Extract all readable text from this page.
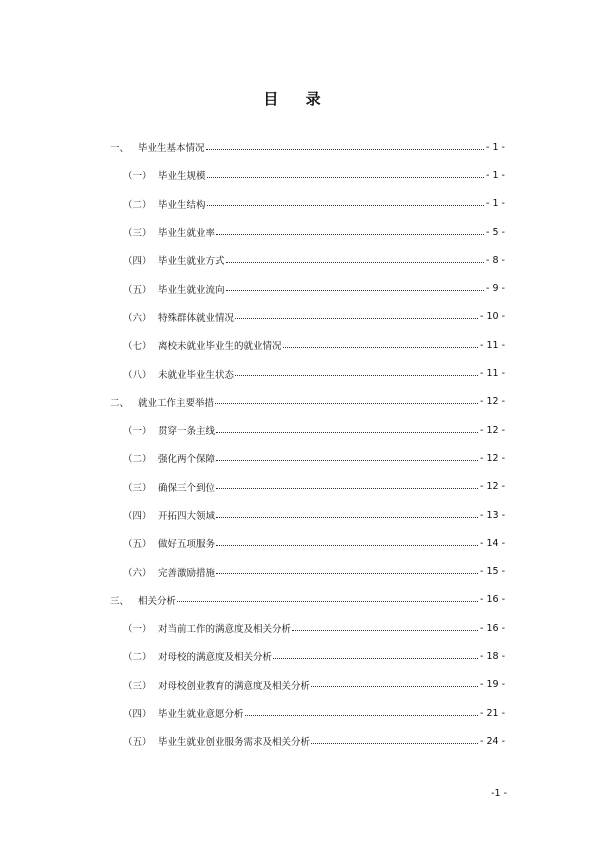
目 录
一、 毕业生基本情况	- 1 -
（一） 毕业生规模	- 1 -
（二） 毕业生结构	- 1 -
（三） 毕业生就业率	- 5 -
（四） 毕业生就业方式	- 8 -
（五） 毕业生就业流向	- 9 -
（六） 特殊群体就业情况	- 10 -
（七） 离校未就业毕业生的就业情况	- 11 -
（八） 未就业毕业生状态	- 11 -
二、 就业工作主要举措	- 12 -
（一） 贯穿一条主线	- 12 -
（二） 强化两个保障	- 12 -
（三） 确保三个到位	- 12 -
（四） 开拓四大领域	- 13 -
（五） 做好五项服务	- 14 -
（六） 完善激励措施	- 15 -
三、 相关分析	- 16 -
（一） 对当前工作的满意度及相关分析	- 16 -
（二） 对母校的满意度及相关分析	- 18 -
（三） 对母校创业教育的满意度及相关分析	- 19 -
（四） 毕业生就业意愿分析	- 21 -
（五） 毕业生就业创业服务需求及相关分析	- 24 -

-1 -
